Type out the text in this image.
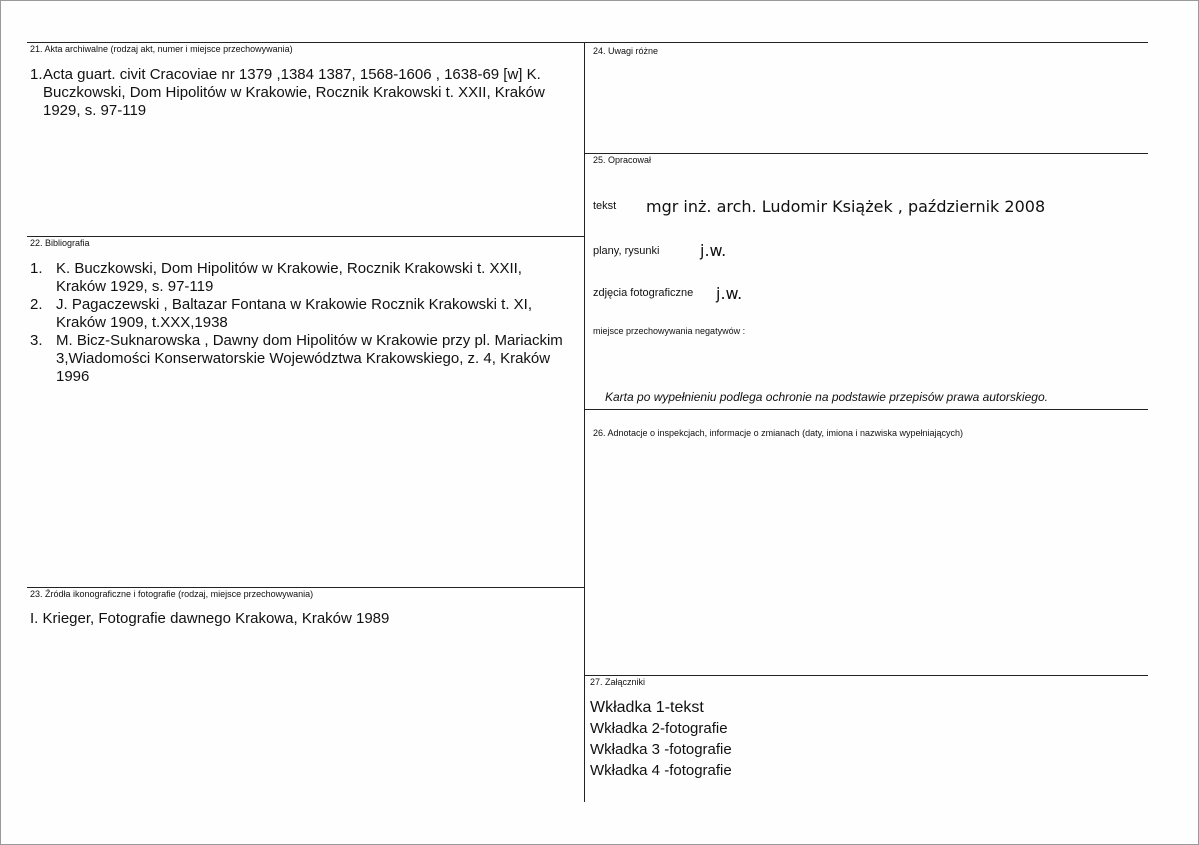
21. Akta archiwalne (rodzaj akt, numer i miejsce przechowywania)
1. Acta guart. civit Cracoviae nr 1379 ,1384 1387, 1568-1606 , 1638-69 [w] K. Buczkowski, Dom Hipolitów w Krakowie, Rocznik Krakowski t. XXII, Kraków 1929, s. 97-119
22. Bibliografia
1. K. Buczkowski, Dom Hipolitów w Krakowie, Rocznik Krakowski t. XXII, Kraków 1929, s. 97-119
2. J. Pagaczewski , Baltazar Fontana w Krakowie Rocznik Krakowski t. XI, Kraków 1909, t.XXX,1938
3. M. Bicz-Suknarowska , Dawny dom Hipolitów w Krakowie przy pl. Mariackim 3,Wiadomości Konserwatorskie Województwa Krakowskiego, z. 4, Kraków 1996
23. Źródła ikonograficzne i fotografie (rodzaj, miejsce przechowywania)
I. Krieger, Fotografie dawnego Krakowa, Kraków 1989
24. Uwagi różne
25. Opracował
tekst mgr inż. arch. Ludomir Książek , październik 2008
plany, rysunki	j.w.
zdjęcia fotograficzne j.w.
miejsce przechowywania negatywów :
Karta po wypełnieniu podlega ochronie na podstawie przepisów prawa autorskiego.
26. Adnotacje o inspekcjach, informacje o zmianach (daty, imiona i nazwiska wypełniających)
27. Załączniki
Wkładka 1-tekst
Wkładka 2-fotografie
Wkładka 3 -fotografie
Wkładka 4 -fotografie
